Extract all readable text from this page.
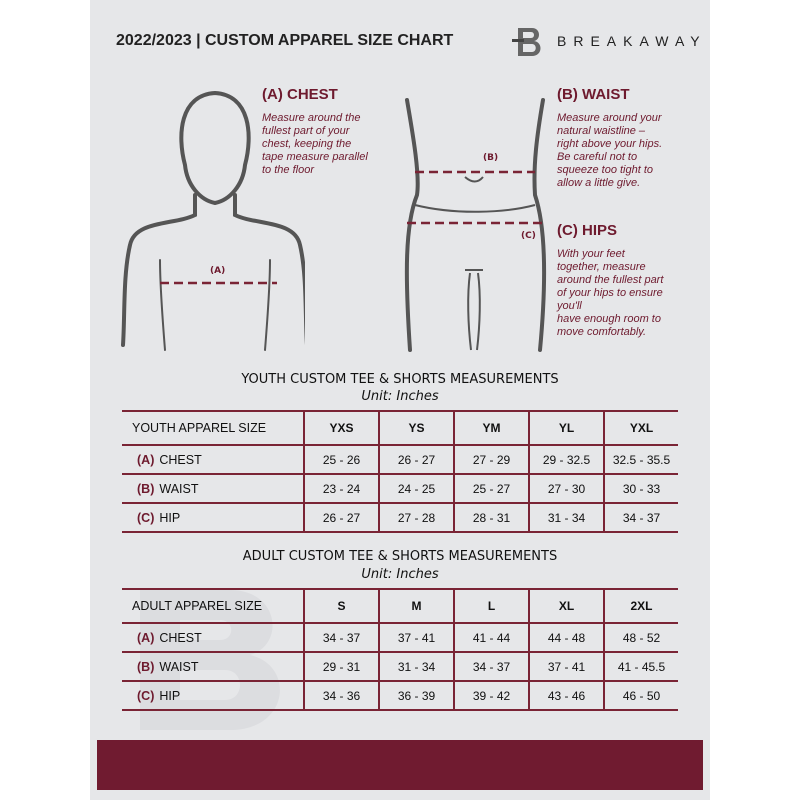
2022/2023 | CUSTOM APPAREL SIZE CHART	BREAKAWAY
(A)
(B)
(C)
(A) CHEST
Measure around the
fullest part of your
chest, keeping the
tape measure parallel
to the floor
(B) WAIST
Measure around your
natural waistline –
right above your hips.
Be careful not to
squeeze too tight to
allow a little give.
(C) HIPS
With your feet
together, measure
around the fullest part
of your hips to ensure
you'll
have enough room to
move comfortably.
YOUTH CUSTOM TEE & SHORTS MEASUREMENTS
Unit: Inches
YOUTH APPAREL SIZE	YXS	YS	YM	YL	YXL
(A) CHEST	25 - 26	26 - 27	27 - 29	29 - 32.5	32.5 - 35.5
(B) WAIST	23 - 24	24 - 25	25 - 27	27 - 30	30 - 33
(C) HIP	26 - 27	27 - 28	28 - 31	31 - 34	34 - 37
ADULT CUSTOM TEE & SHORTS MEASUREMENTS
Unit: Inches
ADULT APPAREL SIZE	S	M	L	XL	2XL
(A) CHEST	34 - 37	37 - 41	41 - 44	44 - 48	48 - 52
(B) WAIST	29 - 31	31 - 34	34 - 37	37 - 41	41 - 45.5
(C) HIP	34 - 36	36 - 39	39 - 42	43 - 46	46 - 50
